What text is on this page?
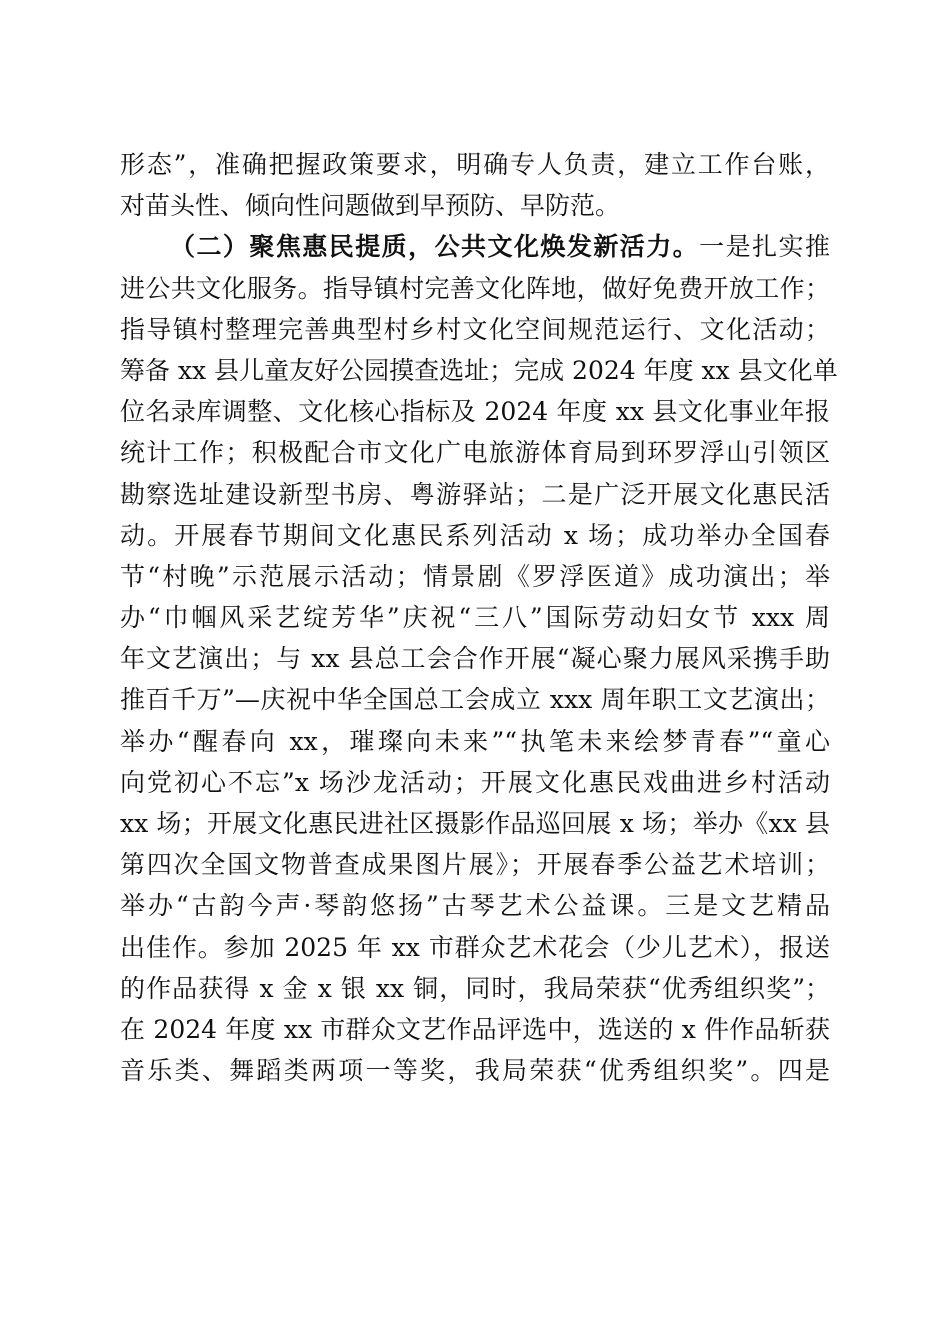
形态”，准确把握政策要求，明确专人负责，建立工作台账，
对苗头性、倾向性问题做到早预防、早防范。
（二）聚焦惠民提质，公共文化焕发新活力。一是扎实推
进公共文化服务。指导镇村完善文化阵地，做好免费开放工作；
指导镇村整理完善典型村乡村文化空间规范运行、文化活动；
筹备 xx 县儿童友好公园摸查选址；完成 2024 年度 xx 县文化单
位名录库调整、文化核心指标及 2024 年度 xx 县文化事业年报
统计工作；积极配合市文化广电旅游体育局到环罗浮山引领区
勘察选址建设新型书房、粤游驿站；二是广泛开展文化惠民活
动。开展春节期间文化惠民系列活动 x 场；成功举办全国春
节“村晚”示范展示活动；情景剧《罗浮医道》成功演出；举
办“巾帼风采艺绽芳华”庆祝“三八”国际劳动妇女节 xxx 周
年文艺演出；与 xx 县总工会合作开展“凝心聚力展风采携手助
推百千万”—庆祝中华全国总工会成立 xxx 周年职工文艺演出；
举办“醒春向 xx，璀璨向未来”“执笔未来绘梦青春”“童心
向党初心不忘”x 场沙龙活动；开展文化惠民戏曲进乡村活动
xx 场；开展文化惠民进社区摄影作品巡回展 x 场；举办《xx 县
第四次全国文物普查成果图片展》；开展春季公益艺术培训；
举办“古韵今声·琴韵悠扬”古琴艺术公益课。三是文艺精品
出佳作。参加 2025 年 xx 市群众艺术花会（少儿艺术），报送
的作品获得 x 金 x 银 xx 铜，同时，我局荣获“优秀组织奖”；
在 2024 年度 xx 市群众文艺作品评选中，选送的 x 件作品斩获
音乐类、舞蹈类两项一等奖，我局荣获“优秀组织奖”。四是
